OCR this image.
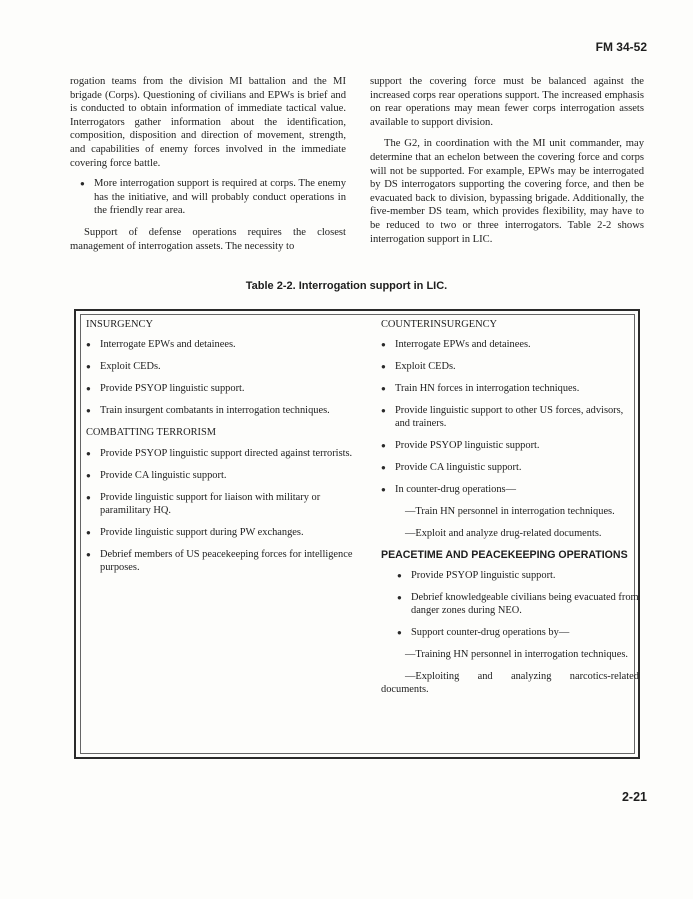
FM 34-52

rogation teams from the division MI battalion and the MI brigade (Corps). Questioning of civilians and EPWs is brief and is conducted to obtain information of immediate tactical value. Interrogators gather information about the identification, composition, disposition and direction of movement, strength, and capabilities of enemy forces involved in the immediate covering force battle.

● More interrogation support is required at corps. The enemy has the initiative, and will probably conduct operations in the friendly rear area.

Support of defense operations requires the closest management of interrogation assets. The necessity to

support the covering force must be balanced against the increased corps rear operations support. The increased emphasis on rear operations may mean fewer corps interrogation assets available to support division.

The G2, in coordination with the MI unit commander, may determine that an echelon between the covering force and corps will not be supported. For example, EPWs may be interrogated by DS interrogators supporting the covering force, and then be evacuated back to division, bypassing brigade. Additionally, the five-member DS team, which provides flexibility, may have to be reduced to two or three interrogators. Table 2-2 shows interrogation support in LIC.

Table 2-2. Interrogation support in LIC.
INSURGENCY
● Interrogate EPWs and detainees.
● Exploit CEDs.
● Provide PSYOP linguistic support.
● Train insurgent combatants in interrogation techniques.
COMBATTING TERRORISM
● Provide PSYOP linguistic support directed against terrorists.
● Provide CA linguistic support.
● Provide linguistic support for liaison with military or paramilitary HQ.
● Provide linguistic support during PW exchanges.
● Debrief members of US peacekeeping forces for intelligence purposes.
COUNTERINSURGENCY
● Interrogate EPWs and detainees.
● Exploit CEDs.
● Train HN forces in interrogation techniques.
● Provide linguistic support to other US forces, advisors, and trainers.
● Provide PSYOP linguistic support.
● Provide CA linguistic support.
● In counter-drug operations—
—Train HN personnel in interrogation techniques.
—Exploit and analyze drug-related documents.
PEACETIME AND PEACEKEEPING OPERATIONS
● Provide PSYOP linguistic support.
● Debrief knowledgeable civilians being evacuated from danger zones during NEO.
● Support counter-drug operations by—
—Training HN personnel in interrogation techniques.
—Exploiting and analyzing narcotics-related documents.
2-21
